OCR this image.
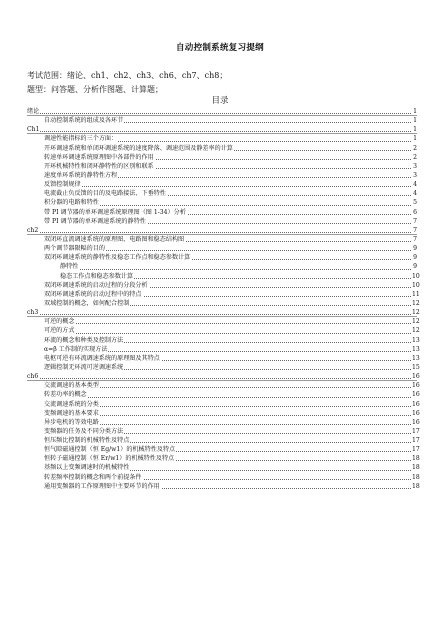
自动控制系统复习提纲
考试范围：绪论、ch1、ch2、ch3、ch6、ch7、ch8；
题型：问答题、分析作图题、计算题；
目录
绪论	1
自动控制系统的组成及各环节	1
Ch1	1
调速性能指标的三个方面：	1
开环调速系统和单闭环调速系统的速度降落、调速范围及静差率的计算	2
转速单环调速系统原理图中各部件的作用	2
开环机械特性和闭环静特性的区别和联系	3
速度单环系统的静特性方程	3
反馈控制规律	4
电流截止负反馈的目的及电路接法、下垂特性	4
积分器的电路和特性	5
带 PI 调节器的单环调速系统原理图（图 1-34）分析	6
带 PI 调节器的单环调速系统的静特性	7
ch2	7
双闭环直流调速系统的原理图、电路图和稳态结构图	7
两个调节器限幅的目的	9
双闭环调速系统的静特性及稳态工作点和稳态参数计算	9
静特性	9
稳态工作点和稳态参数计算	10
双闭环调速系统的启动过程的分段分析	10
双闭环调速系统的启动过程中的特点	11
双域控制的概念，如何配合控制	12
ch3	12
可逆的概念	12
可逆的方式	12
环流的概念和种类及控制方法	13
α=β 工作制的实现方法	13
电枢可逆有环流调速系统的原理图及其特点	13
逻辑控制无环流可逆调速系统	15
ch6	16
交流调速的基本类型	16
转差功率的概念	16
交流调速系统的分类	16
变频调速的基本要求	16
异步电机的等效电路	16
变频器的任务及不同分类方法	17
恒压频比控制的机械特性及特点	17
恒气隙磁通控制（恒 Eg/w1）的机械特性及特点	17
恒转子磁通控制（恒 Er/w1）的机械特性及特点	18
基频以上变频调速时的机械特性	18
转差频率控制的概念和两个前提条件	18
通用变频器的工作原理图中主要环节的作用	18
